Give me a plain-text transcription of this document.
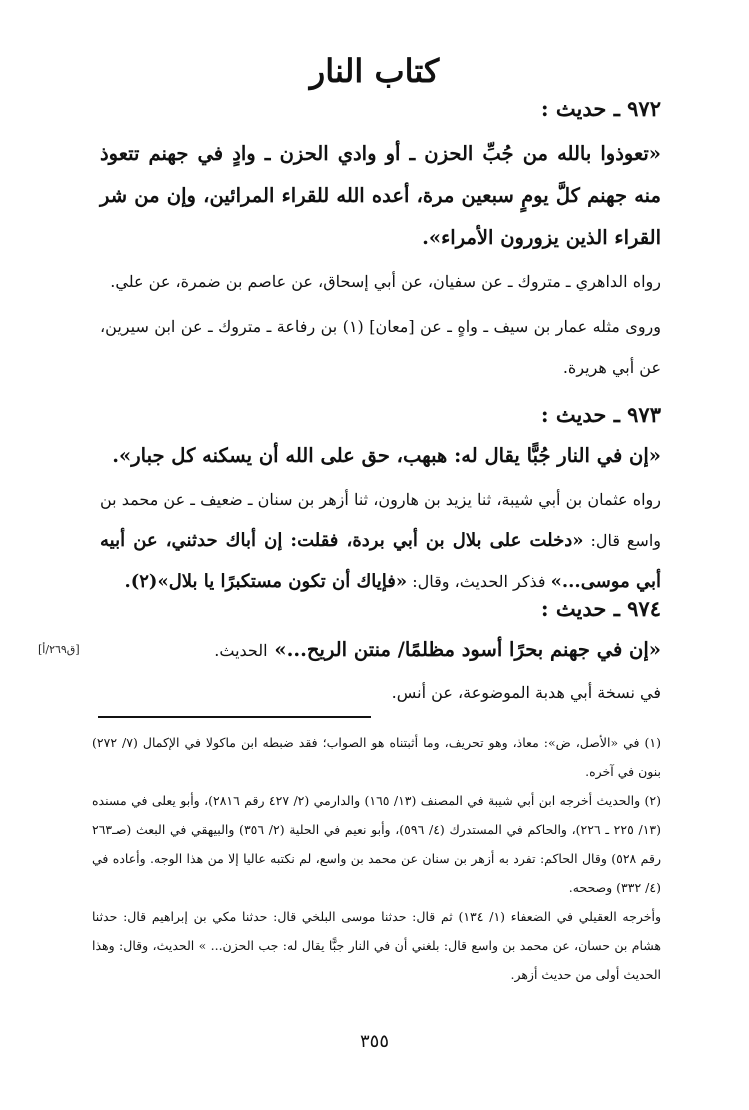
كتاب النار
٩٧٢ ـ حديث :
«تعوذوا بالله من جُبِّ الحزن ـ أو وادي الحزن ـ وادٍ في جهنم تتعوذ منه جهنم كلَّ يومٍ سبعين مرة، أعده الله للقراء المرائين، وإن من شر القراء الذين يزورون الأمراء».
رواه الداهري ـ متروك ـ عن سفيان، عن أبي إسحاق، عن عاصم بن ضمرة، عن علي.
وروى مثله عمار بن سيف ـ واهٍ ـ عن [معان] (١) بن رفاعة ـ متروك ـ عن ابن سيرين، عن أبي هريرة.
٩٧٣ ـ حديث :
«إن في النار جُبًّا يقال له: هبهب، حق على الله أن يسكنه كل جبار».
رواه عثمان بن أبي شيبة، ثنا يزيد بن هارون، ثنا أزهر بن سنان ـ ضعيف ـ عن محمد بن واسع قال: «دخلت على بلال بن أبي بردة، فقلت: إن أباك حدثني، عن أبيه أبي موسى...» فذكر الحديث، وقال: «فإياك أن تكون مستكبرًا يا بلال»(٢).
٩٧٤ ـ حديث :
«إن في جهنم بحرًا أسود مظلمًا/ منتن الريح...» الحديث.
في نسخة أبي هدبة الموضوعة، عن أنس.
[ق٢٦٩/أ]

(١) في «الأصل، ض»: معاذ، وهو تحريف، وما أثبتناه هو الصواب؛ فقد ضبطه ابن ماكولا في الإكمال (٧/ ٢٧٢) بنون في آخره.

(٢) والحديث أخرجه ابن أبي شيبة في المصنف (١٣/ ١٦٥) والدارمي (٢/ ٤٢٧ رقم ٢٨١٦)، وأبو يعلى في مسنده (١٣/ ٢٢٥ ـ ٢٢٦)، والحاكم في المستدرك (٤/ ٥٩٦)، وأبو نعيم في الحلية (٢/ ٣٥٦) والبيهقي في البعث (صـ٢٦٣ رقم ٥٢٨) وقال الحاكم: تفرد به أزهر بن سنان عن محمد بن واسع، لم نكتبه عاليا إلا من هذا الوجه. وأعاده في (٤/ ٣٣٢) وصححه.

وأخرجه العقيلي في الضعفاء (١/ ١٣٤) ثم قال: حدثنا موسى البلخي قال: حدثنا مكي بن إبراهيم قال: حدثنا هشام بن حسان، عن محمد بن واسع قال: بلغني أن في النار جبًّا يقال له: جب الحزن... » الحديث، وقال: وهذا الحديث أولى من حديث أزهر.

٣٥٥
